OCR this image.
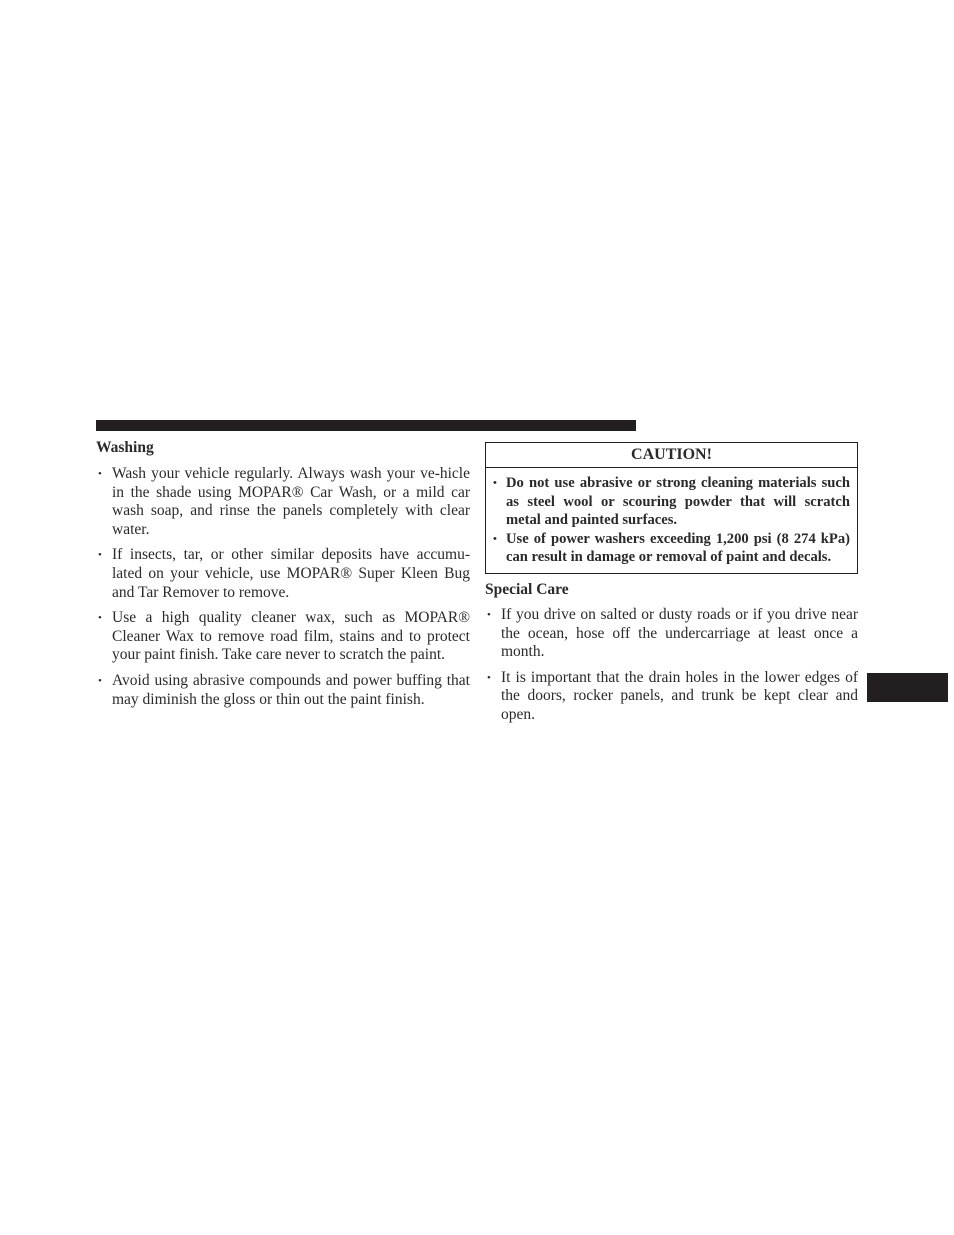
Washing
• Wash your vehicle regularly. Always wash your ve-hicle in the shade using MOPAR® Car Wash, or a mild car wash soap, and rinse the panels completely with clear water.
• If insects, tar, or other similar deposits have accumu-lated on your vehicle, use MOPAR® Super Kleen Bug and Tar Remover to remove.
• Use a high quality cleaner wax, such as MOPAR® Cleaner Wax to remove road film, stains and to protect your paint finish. Take care never to scratch the paint.
• Avoid using abrasive compounds and power buffing that may diminish the gloss or thin out the paint finish.
CAUTION!
• Do not use abrasive or strong cleaning materials such as steel wool or scouring powder that will scratch metal and painted surfaces.
• Use of power washers exceeding 1,200 psi (8 274 kPa) can result in damage or removal of paint and decals.
Special Care
• If you drive on salted or dusty roads or if you drive near the ocean, hose off the undercarriage at least once a month.
• It is important that the drain holes in the lower edges of the doors, rocker panels, and trunk be kept clear and open.
